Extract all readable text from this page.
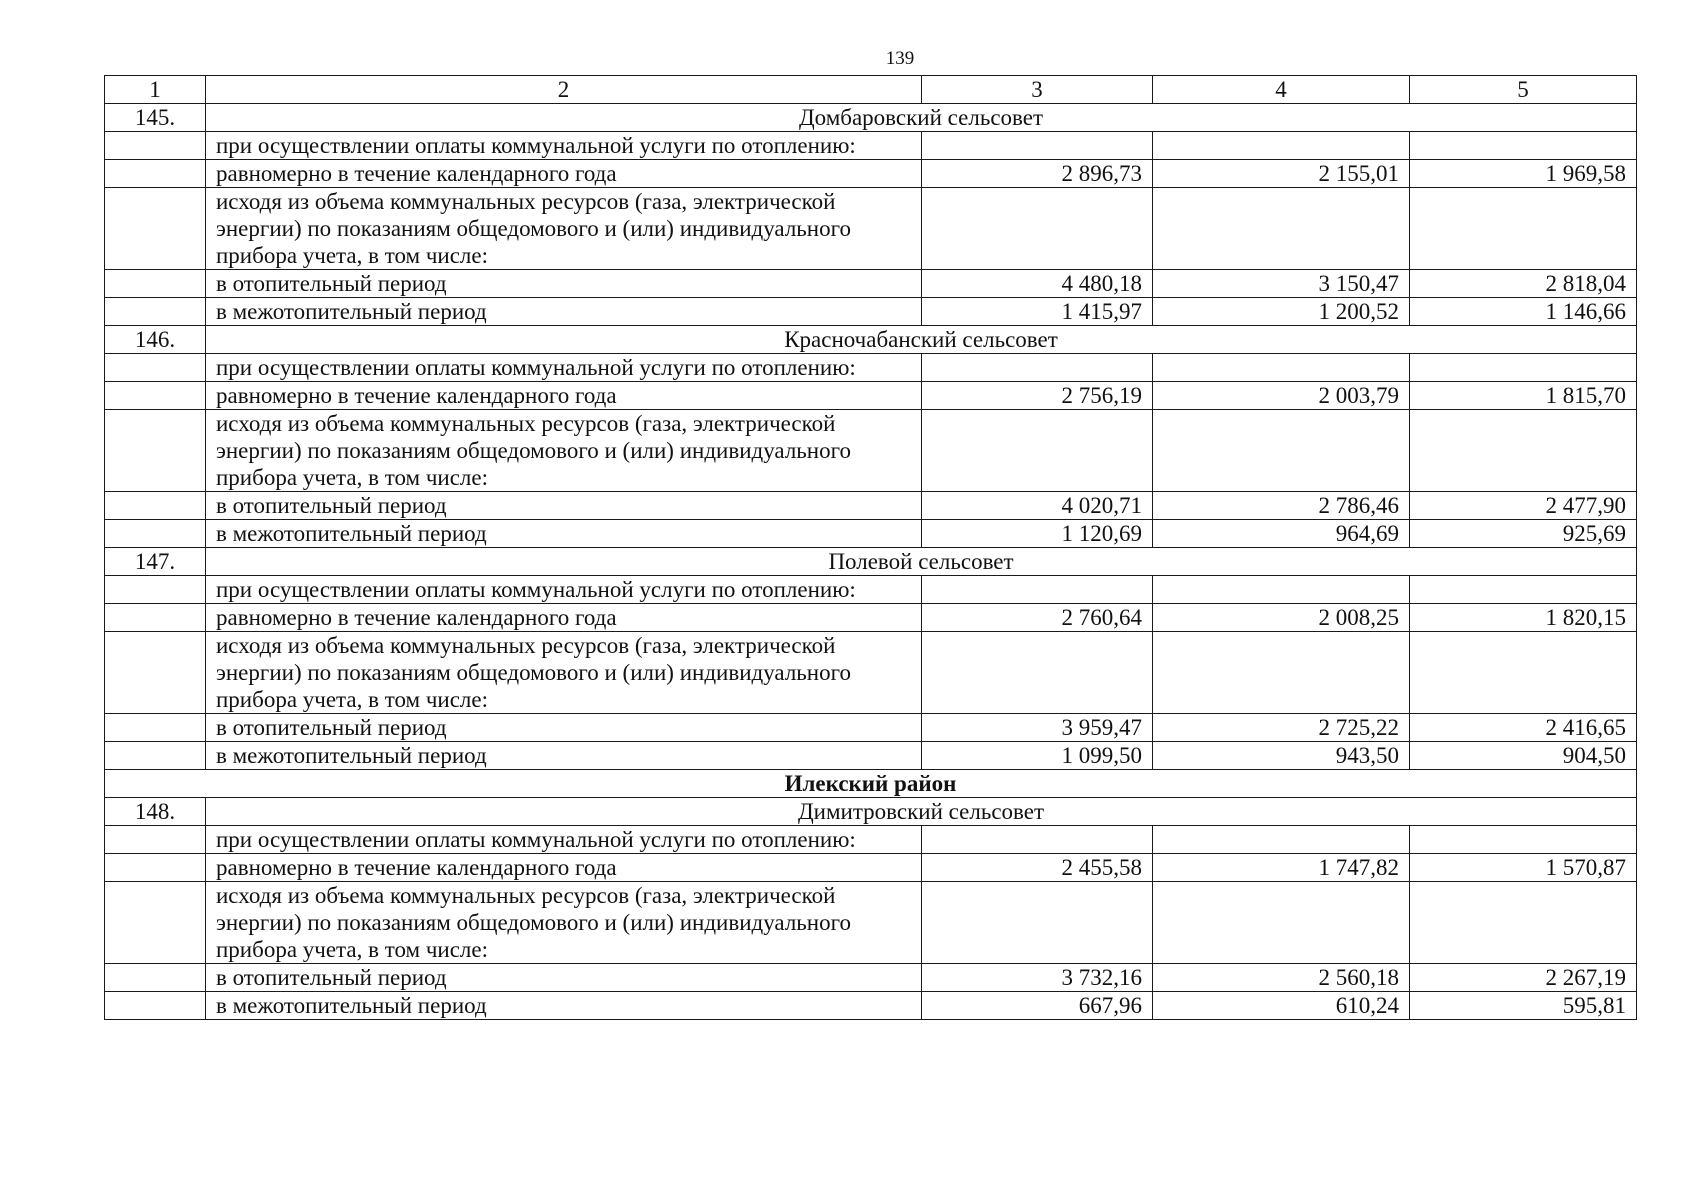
139
1	2	3	4	5
145.	Домбаровский сельсовет			
	при осуществлении оплаты коммунальной услуги по отоплению:			
	равномерно в течение календарного года	2 896,73	2 155,01	1 969,58
	исходя из объема коммунальных ресурсов (газа, электрической энергии) по показаниям общедомового и (или) индивидуального прибора учета, в том числе:			
	в отопительный период	4 480,18	3 150,47	2 818,04
	в межотопительный период	1 415,97	1 200,52	1 146,66
146.	Красночабанский сельсовет			
	при осуществлении оплаты коммунальной услуги по отоплению:			
	равномерно в течение календарного года	2 756,19	2 003,79	1 815,70
	исходя из объема коммунальных ресурсов (газа, электрической энергии) по показаниям общедомового и (или) индивидуального прибора учета, в том числе:			
	в отопительный период	4 020,71	2 786,46	2 477,90
	в межотопительный период	1 120,69	964,69	925,69
147.	Полевой сельсовет			
	при осуществлении оплаты коммунальной услуги по отоплению:			
	равномерно в течение календарного года	2 760,64	2 008,25	1 820,15
	исходя из объема коммунальных ресурсов (газа, электрической энергии) по показаниям общедомового и (или) индивидуального прибора учета, в том числе:			
	в отопительный период	3 959,47	2 725,22	2 416,65
	в межотопительный период	1 099,50	943,50	904,50
Илекский район				
148.	Димитровский сельсовет			
	при осуществлении оплаты коммунальной услуги по отоплению:			
	равномерно в течение календарного года	2 455,58	1 747,82	1 570,87
	исходя из объема коммунальных ресурсов (газа, электрической энергии) по показаниям общедомового и (или) индивидуального прибора учета, в том числе:			
	в отопительный период	3 732,16	2 560,18	2 267,19
	в межотопительный период	667,96	610,24	595,81
